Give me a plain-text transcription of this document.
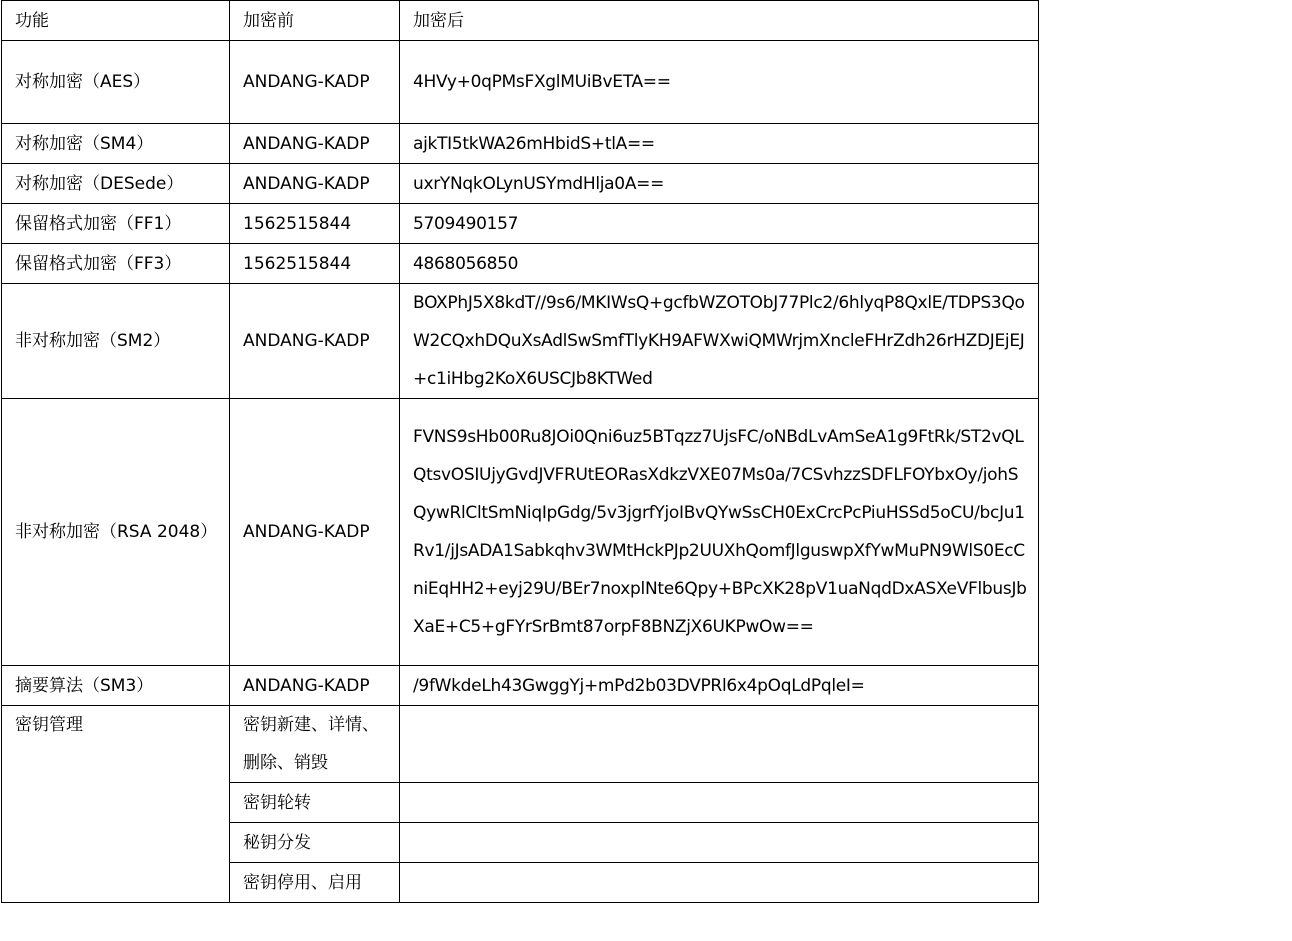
功能	加密前	加密后
对称加密（AES）	ANDANG-KADP	4HVy+0qPMsFXglMUiBvETA==
对称加密（SM4）	ANDANG-KADP	ajkTI5tkWA26mHbidS+tlA==
对称加密（DESede）	ANDANG-KADP	uxrYNqkOLynUSYmdHlja0A==
保留格式加密（FF1）	1562515844	5709490157
保留格式加密（FF3）	1562515844	4868056850
非对称加密（SM2）	ANDANG-KADP	BOXPhJ5X8kdT//9s6/MKIWsQ+gcfbWZOTObJ77Plc2/6hlyqP8QxlE/TDPS3QoW2CQxhDQuXsAdlSwSmfTlyKH9AFWXwiQMWrjmXncleFHrZdh26rHZDJEjEJ+c1iHbg2KoX6USCJb8KTWed
非对称加密（RSA 2048）	ANDANG-KADP	FVNS9sHb00Ru8JOi0Qni6uz5BTqzz7UjsFC/oNBdLvAmSeA1g9FtRk/ST2vQLQtsvOSIUjyGvdJVFRUtEORasXdkzVXE07Ms0a/7CSvhzzSDFLFOYbxOy/johSQywRlCltSmNiqIpGdg/5v3jgrfYjoIBvQYwSsCH0ExCrcPcPiuHSSd5oCU/bcJu1Rv1/jJsADA1Sabkqhv3WMtHckPJp2UUXhQomfJlguswpXfYwMuPN9WlS0EcCniEqHH2+eyj29U/BEr7noxplNte6Qpy+BPcXK28pV1uaNqdDxASXeVFlbusJbXaE+C5+gFYrSrBmt87orpF8BNZjX6UKPwOw==
摘要算法（SM3）	ANDANG-KADP	/9fWkdeLh43GwggYj+mPd2b03DVPRl6x4pOqLdPqleI=
密钥管理	密钥新建、详情、删除、销毁	
	密钥轮转	
	秘钥分发	
	密钥停用、启用	
